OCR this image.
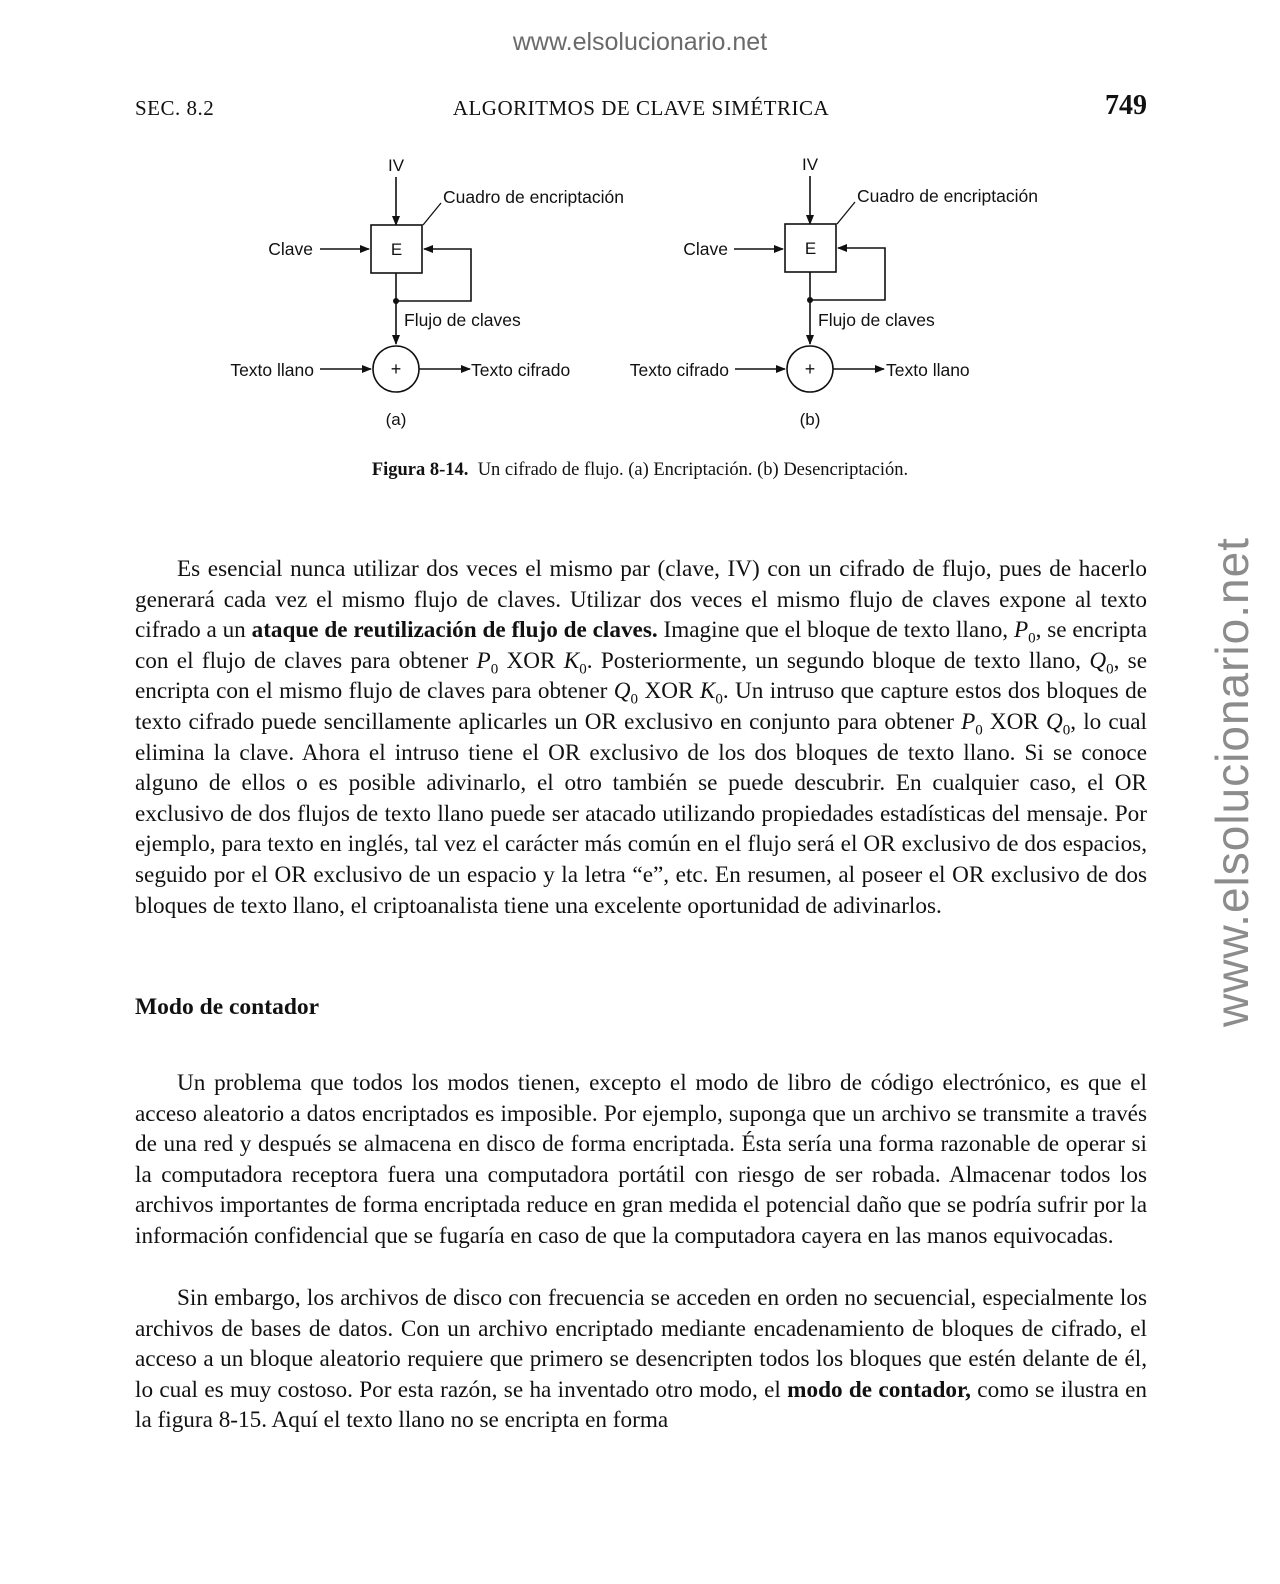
www.elsolucionario.net
www.elsolucionario.net
SEC. 8.2	ALGORITMOS DE CLAVE SIMÉTRICA	749
IV
Cuadro de encriptación
Clave	E
Flujo de claves
Texto llano	+	Texto cifrado
(a)
IV
Cuadro de encriptación
Clave	E
Flujo de claves
Texto cifrado	+	Texto llano
(b)
Figura 8-14. Un cifrado de flujo. (a) Encriptación. (b) Desencriptación.

Es esencial nunca utilizar dos veces el mismo par (clave, IV) con un cifrado de flujo, pues de hacerlo generará cada vez el mismo flujo de claves. Utilizar dos veces el mismo flujo de claves expone al texto cifrado a un ataque de reutilización de flujo de claves. Imagine que el bloque de texto llano, $P_0$, se encripta con el flujo de claves para obtener $P_0$ XOR $K_0$. Posteriormente, un segundo bloque de texto llano, $Q_0$, se encripta con el mismo flujo de claves para obtener $Q_0$ XOR $K_0$. Un intruso que capture estos dos bloques de texto cifrado puede sencillamente aplicarles un OR exclusivo en conjunto para obtener $P_0$ XOR $Q_0$, lo cual elimina la clave. Ahora el intruso tiene el OR exclusivo de los dos bloques de texto llano. Si se conoce alguno de ellos o es posible adivinarlo, el otro también se puede descubrir. En cualquier caso, el OR exclusivo de dos flujos de texto llano puede ser atacado utilizando propiedades estadísticas del mensaje. Por ejemplo, para texto en inglés, tal vez el carácter más común en el flujo será el OR exclusivo de dos espacios, seguido por el OR exclusivo de un espacio y la letra “e”, etc. En resumen, al poseer el OR exclusivo de dos bloques de texto llano, el criptoanalista tiene una excelente oportunidad de adivinarlos.

Modo de contador

Un problema que todos los modos tienen, excepto el modo de libro de código electrónico, es que el acceso aleatorio a datos encriptados es imposible. Por ejemplo, suponga que un archivo se transmite a través de una red y después se almacena en disco de forma encriptada. Ésta sería una forma razonable de operar si la computadora receptora fuera una computadora portátil con riesgo de ser robada. Almacenar todos los archivos importantes de forma encriptada reduce en gran medida el potencial daño que se podría sufrir por la información confidencial que se fugaría en caso de que la computadora cayera en las manos equivocadas.

Sin embargo, los archivos de disco con frecuencia se acceden en orden no secuencial, especialmente los archivos de bases de datos. Con un archivo encriptado mediante encadenamiento de bloques de cifrado, el acceso a un bloque aleatorio requiere que primero se desencripten todos los bloques que estén delante de él, lo cual es muy costoso. Por esta razón, se ha inventado otro modo, el modo de contador, como se ilustra en la figura 8-15. Aquí el texto llano no se encripta en forma
